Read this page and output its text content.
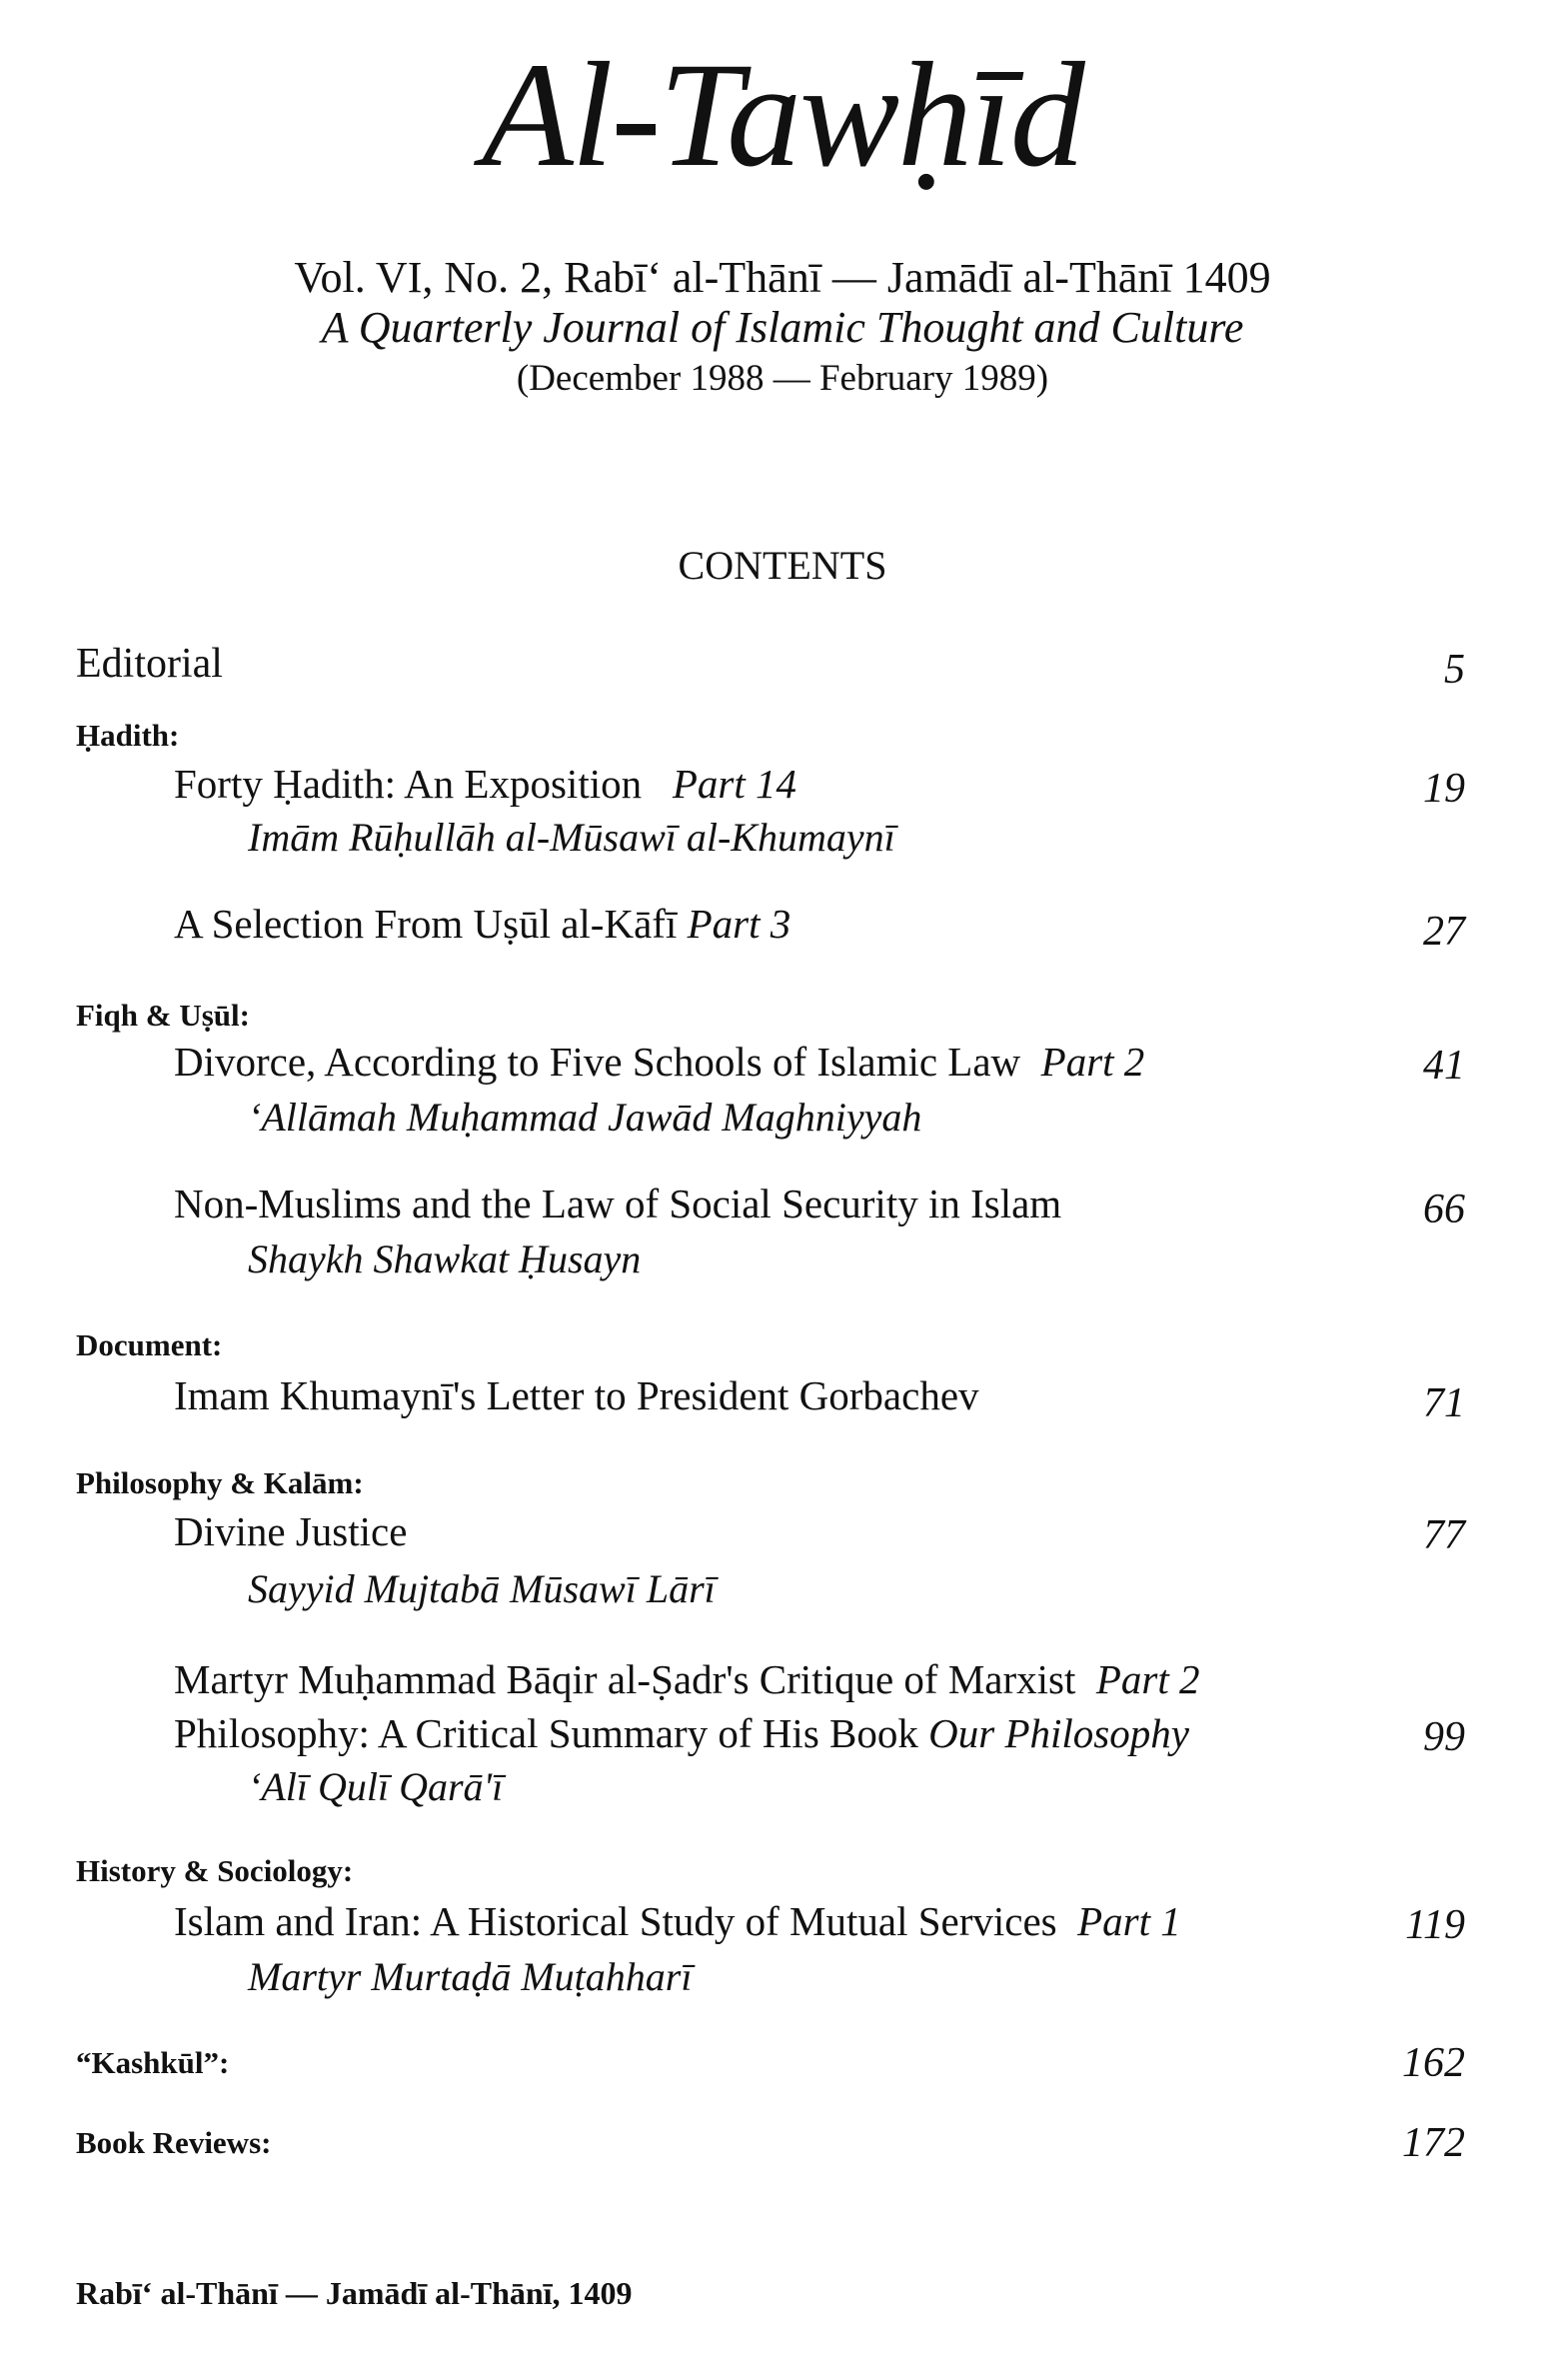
Al-Tawḥīd
Vol. VI, No. 2, Rabī‘ al-Thānī — Jamādī al-Thānī 1409
A Quarterly Journal of Islamic Thought and Culture
(December 1988 — February 1989)
CONTENTS
Editorial	5
Ḥadith:
Forty Ḥadith: An Exposition Part 14	19
Imām Rūḥullāh al-Mūsawī al-Khumaynī
A Selection From Uṣūl al-Kāfī Part 3	27
Fiqh & Uṣūl:
Divorce, According to Five Schools of Islamic Law Part 2	41
‘Allāmah Muḥammad Jawād Maghniyyah
Non-Muslims and the Law of Social Security in Islam	66
Shaykh Shawkat Ḥusayn
Document:
Imam Khumaynī's Letter to President Gorbachev	71
Philosophy & Kalām:
Divine Justice	77
Sayyid Mujtabā Mūsawī Lārī
Martyr Muḥammad Bāqir al-Ṣadr's Critique of Marxist Part 2
Philosophy: A Critical Summary of His Book Our Philosophy	99
‘Alī Qulī Qarā'ī
History & Sociology:
Islam and Iran: A Historical Study of Mutual Services Part 1	119
Martyr Murtaḍā Muṭahharī
“Kashkūl”:	162
Book Reviews:	172
Rabī‘ al-Thānī — Jamādī al-Thānī, 1409
